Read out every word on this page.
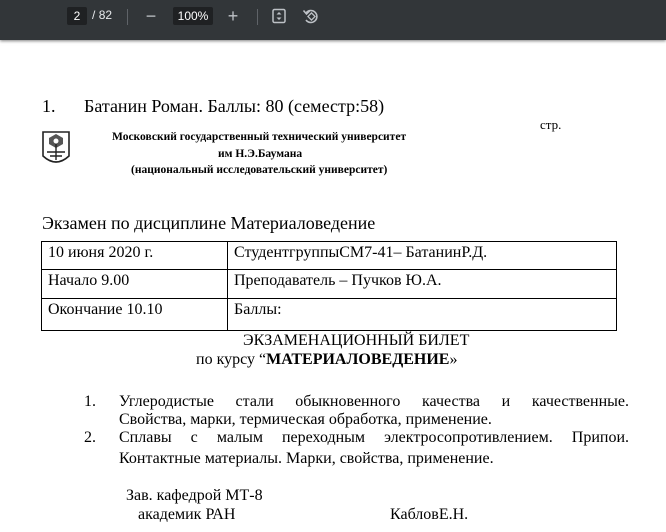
2 / 82	−	100%	+
1. Батанин Роман. Баллы: 80 (семестр:58)
стр.
Московский государственный технический университет
им Н.Э.Баумана
(национальный исследовательский университет)
Экзамен по дисциплине Материаловедение
10 июня 2020 г.	СтудентгруппыСМ7-41– БатанинР.Д.
Начало 9.00	Преподаватель – Пучков Ю.А.
Окончание 10.10	Баллы:
ЭКЗАМЕНАЦИОННЫЙ БИЛЕТ
по курсу “МАТЕРИАЛОВЕДЕНИЕ»
1. Углеродистые стали обыкновенного качества и качественные.
Свойства, марки, термическая обработка, применение.
2. Сплавы с малым переходным электросопротивлением. Припои.
Контактные материалы. Марки, свойства, применение.
Зав. кафедрой МТ-8
академик РАН	КабловЕ.Н.
